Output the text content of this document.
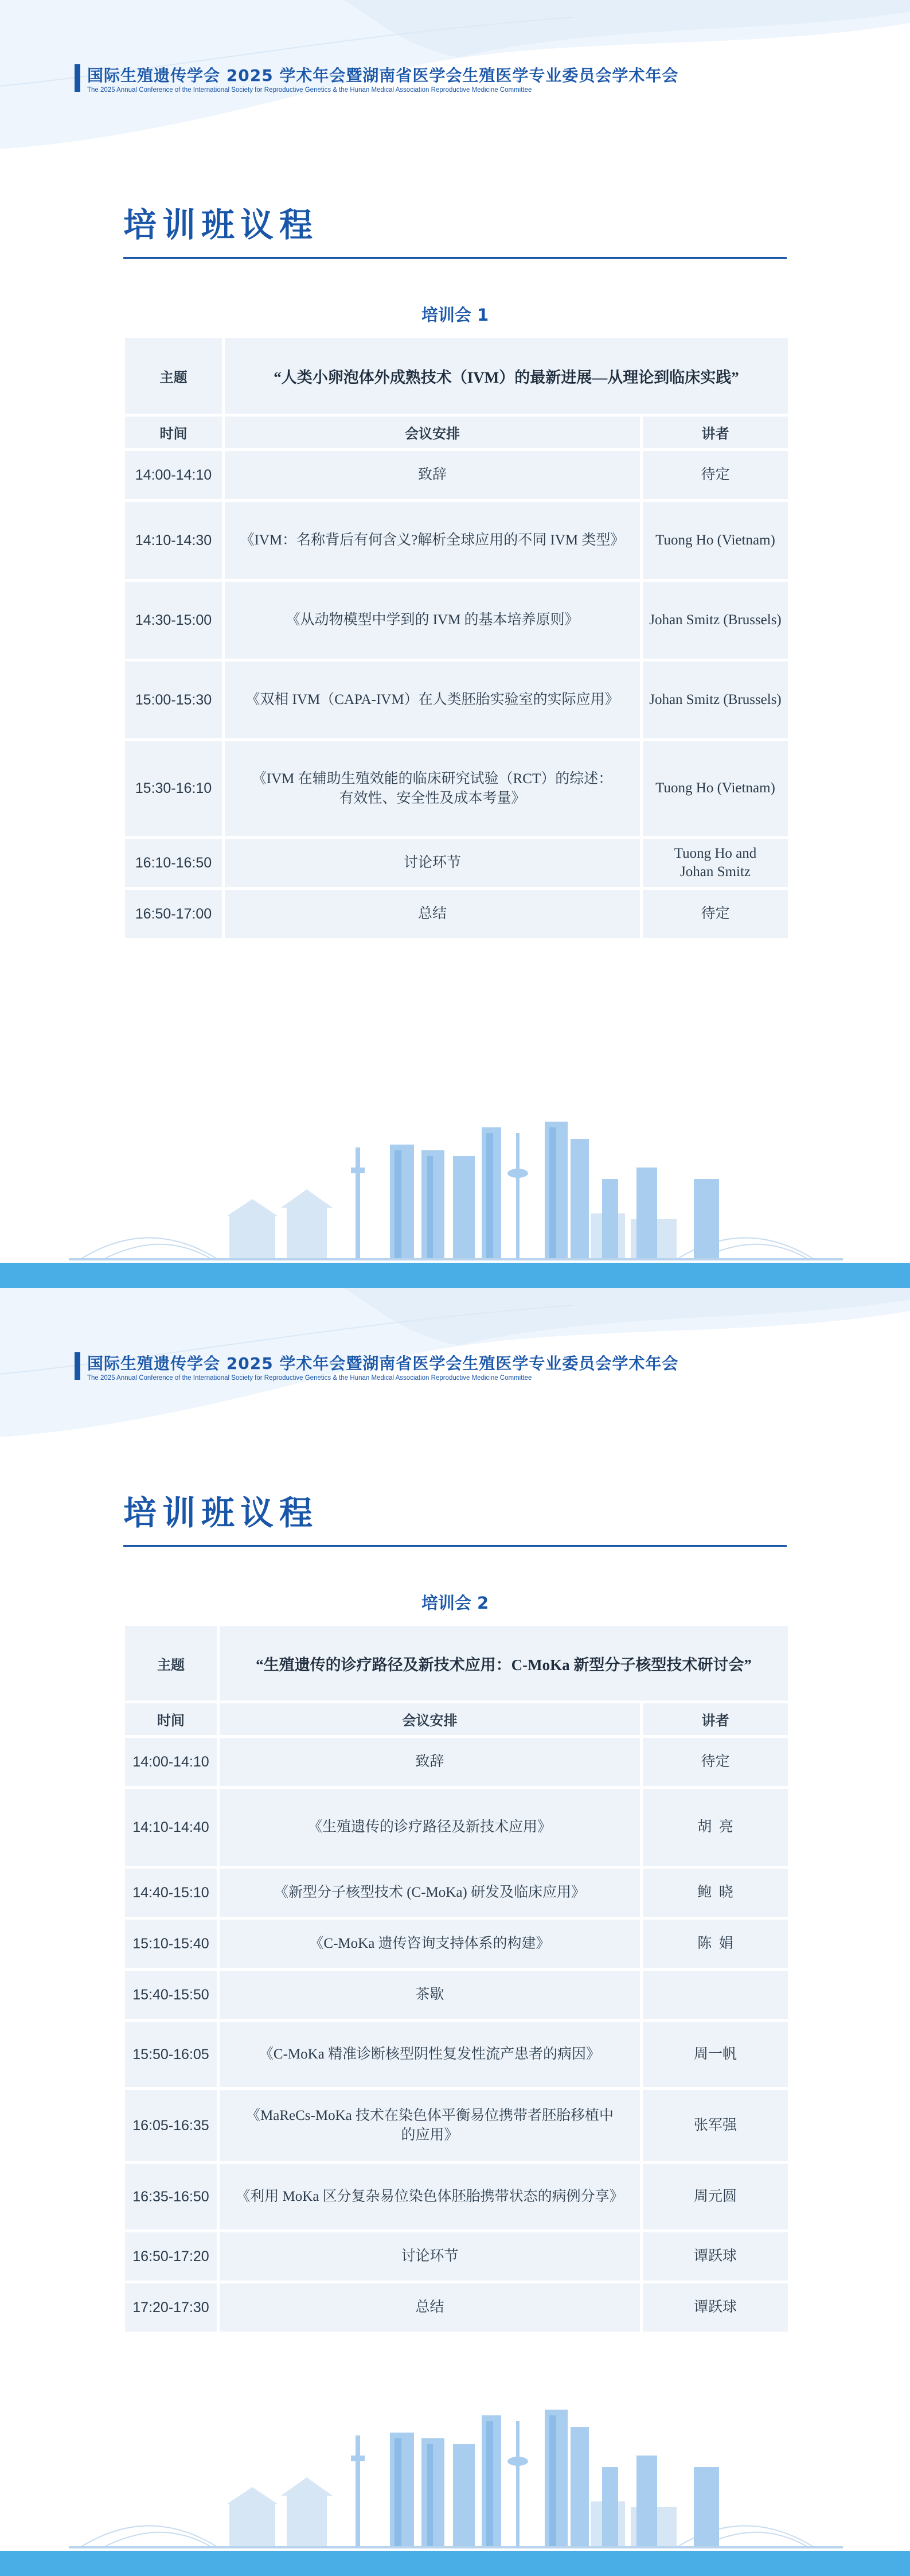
国际生殖遗传学会 2025 学术年会暨湖南省医学会生殖医学专业委员会学术年会
The 2025 Annual Conference of the International Society for Reproductive Genetics & the Hunan Medical Association Reproductive Medicine Committee
培训班议程
培训会 1
主题	“人类小卵泡体外成熟技术（IVM）的最新进展—从理论到临床实践”	
时间	会议安排	讲者
14:00-14:10	致辞	待定
14:10-14:30	《IVM：名称背后有何含义?解析全球应用的不同 IVM 类型》	Tuong Ho (Vietnam)
14:30-15:00	《从动物模型中学到的 IVM 的基本培养原则》	Johan Smitz (Brussels)
15:00-15:30	《双相 IVM（CAPA-IVM）在人类胚胎实验室的实际应用》	Johan Smitz (Brussels)
15:30-16:10	《IVM 在辅助生殖效能的临床研究试验（RCT）的综述：
有效性、安全性及成本考量》	Tuong Ho (Vietnam)
16:10-16:50	讨论环节	Tuong Ho and
Johan Smitz
16:50-17:00	总结	待定
国际生殖遗传学会 2025 学术年会暨湖南省医学会生殖医学专业委员会学术年会
The 2025 Annual Conference of the International Society for Reproductive Genetics & the Hunan Medical Association Reproductive Medicine Committee
培训班议程
培训会 2
主题	“生殖遗传的诊疗路径及新技术应用：C-MoKa 新型分子核型技术研讨会”	
时间	会议安排	讲者
14:00-14:10	致辞	待定
14:10-14:40	《生殖遗传的诊疗路径及新技术应用》	胡  亮
14:40-15:10	《新型分子核型技术 (C-MoKa) 研发及临床应用》	鲍  晓
15:10-15:40	《C-MoKa 遗传咨询支持体系的构建》	陈  娟
15:40-15:50	茶歇	
15:50-16:05	《C-MoKa 精准诊断核型阴性复发性流产患者的病因》	周一帆
16:05-16:35	《MaReCs-MoKa 技术在染色体平衡易位携带者胚胎移植中
的应用》	张军强
16:35-16:50	《利用 MoKa 区分复杂易位染色体胚胎携带状态的病例分享》	周元圆
16:50-17:20	讨论环节	谭跃球
17:20-17:30	总结	谭跃球
